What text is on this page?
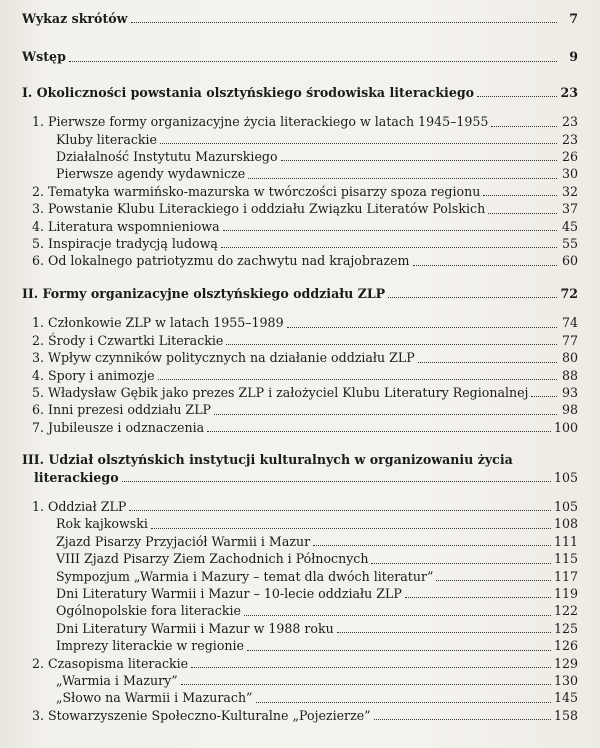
Wykaz skrótów	7
Wstęp	9
I. Okoliczności powstania olsztyńskiego środowiska literackiego	23
1. Pierwsze formy organizacyjne życia literackiego w latach 1945–1955	23
Kluby literackie	23
Działalność Instytutu Mazurskiego	26
Pierwsze agendy wydawnicze	30
2. Tematyka warmińsko-mazurska w twórczości pisarzy spoza regionu	32
3. Powstanie Klubu Literackiego i oddziału Związku Literatów Polskich	37
4. Literatura wspomnieniowa	45
5. Inspiracje tradycją ludową	55
6. Od lokalnego patriotyzmu do zachwytu nad krajobrazem	60
II. Formy organizacyjne olsztyńskiego oddziału ZLP	72
1. Członkowie ZLP w latach 1955–1989	74
2. Środy i Czwartki Literackie	77
3. Wpływ czynników politycznych na działanie oddziału ZLP	80
4. Spory i animozje	88
5. Władysław Gębik jako prezes ZLP i założyciel Klubu Literatury Regionalnej	93
6. Inni prezesi oddziału ZLP	98
7. Jubileusze i odznaczenia	100
III. Udział olsztyńskich instytucji kulturalnych w organizowaniu życia
literackiego	105
1. Oddział ZLP	105
Rok kajkowski	108
Zjazd Pisarzy Przyjaciół Warmii i Mazur	111
VIII Zjazd Pisarzy Ziem Zachodnich i Północnych	115
Sympozjum „Warmia i Mazury – temat dla dwóch literatur”	117
Dni Literatury Warmii i Mazur – 10-lecie oddziału ZLP	119
Ogólnopolskie fora literackie	122
Dni Literatury Warmii i Mazur w 1988 roku	125
Imprezy literackie w regionie	126
2. Czasopisma literackie	129
„Warmia i Mazury”	130
„Słowo na Warmii i Mazurach”	145
3. Stowarzyszenie Społeczno-Kulturalne „Pojezierze”	158
